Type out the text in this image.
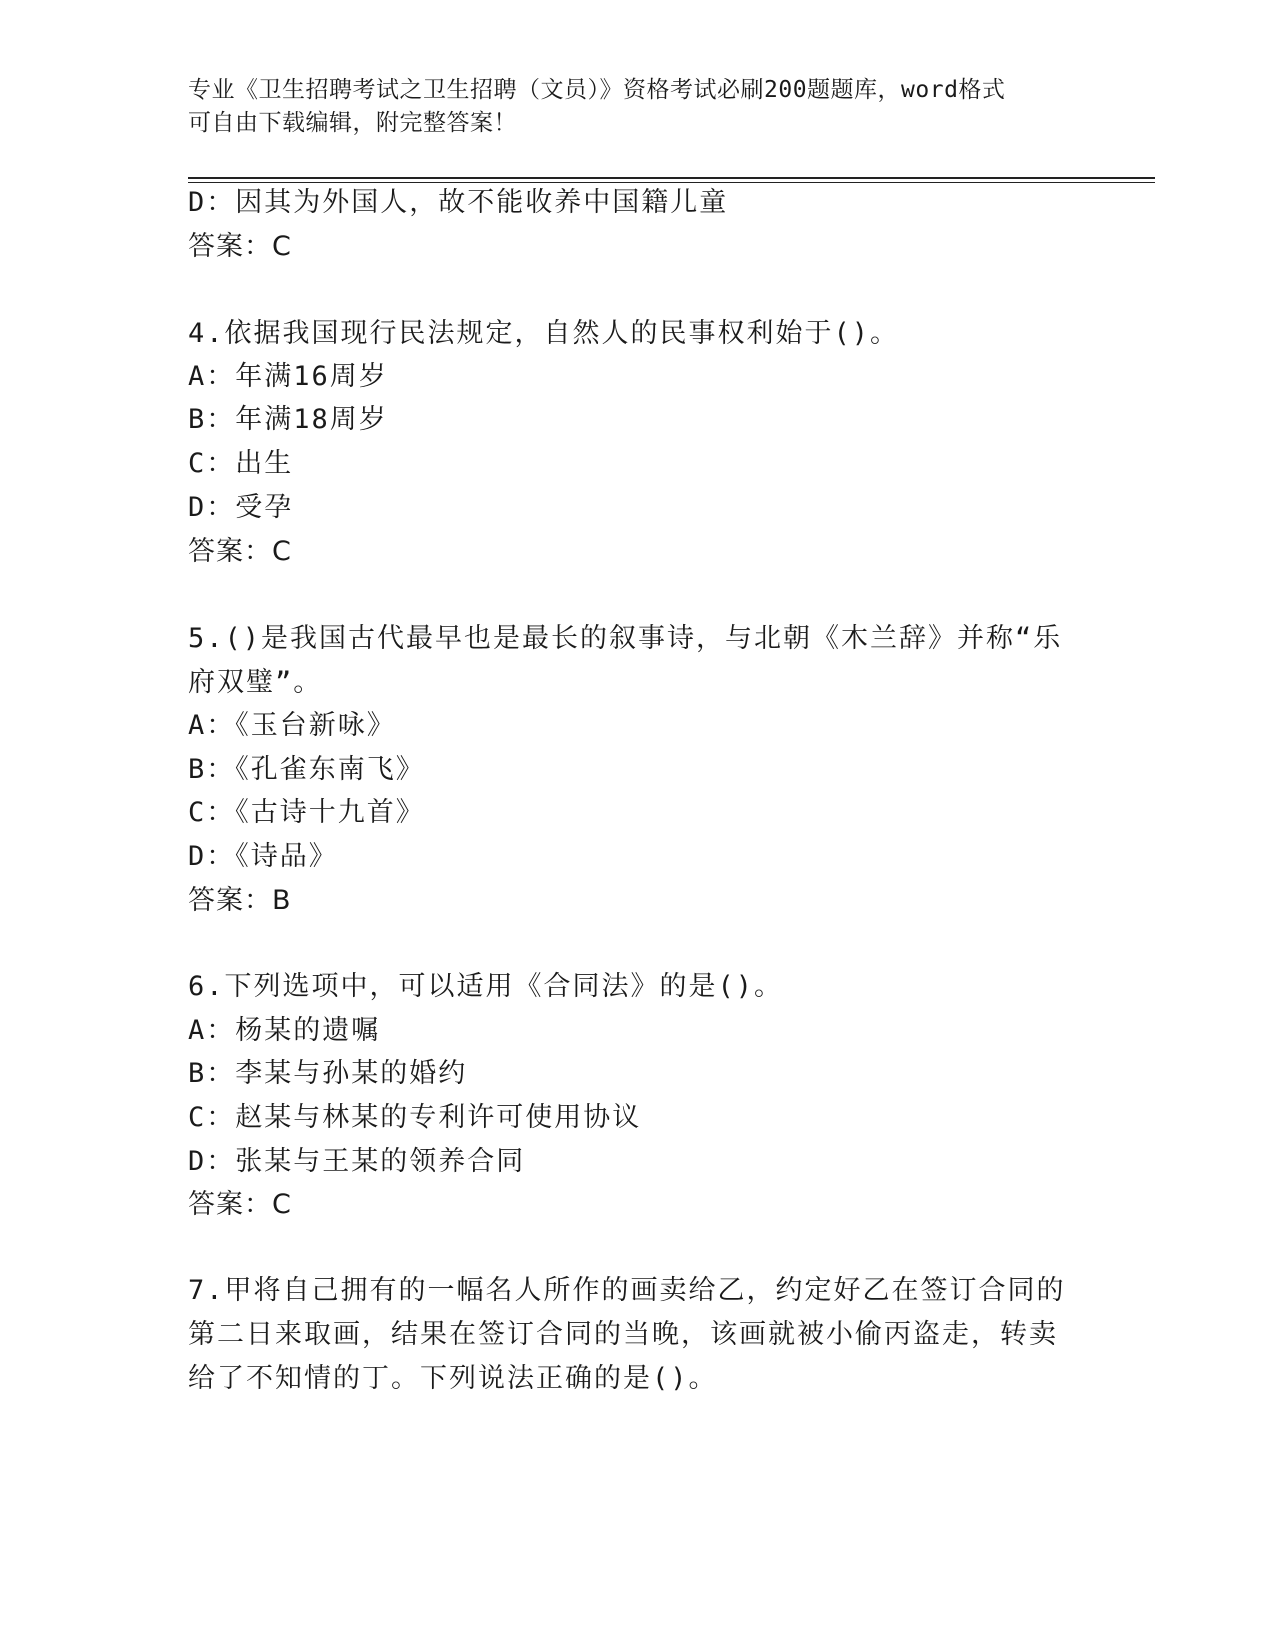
专业《卫生招聘考试之卫生招聘（文员）》资格考试必刷200题题库，word格式
可自由下载编辑，附完整答案！
D：因其为外国人，故不能收养中国籍儿童
答案：C
4.依据我国现行民法规定，自然人的民事权利始于()。
A：年满16周岁
B：年满18周岁
C：出生
D：受孕
答案：C
5.()是我国古代最早也是最长的叙事诗，与北朝《木兰辞》并称“乐
府双璧”。
A：《玉台新咏》
B：《孔雀东南飞》
C：《古诗十九首》
D：《诗品》
答案：B
6.下列选项中，可以适用《合同法》的是()。
A：杨某的遗嘱
B：李某与孙某的婚约
C：赵某与林某的专利许可使用协议
D：张某与王某的领养合同
答案：C
7.甲将自己拥有的一幅名人所作的画卖给乙，约定好乙在签订合同的
第二日来取画，结果在签订合同的当晚，该画就被小偷丙盗走，转卖
给了不知情的丁。下列说法正确的是()。
